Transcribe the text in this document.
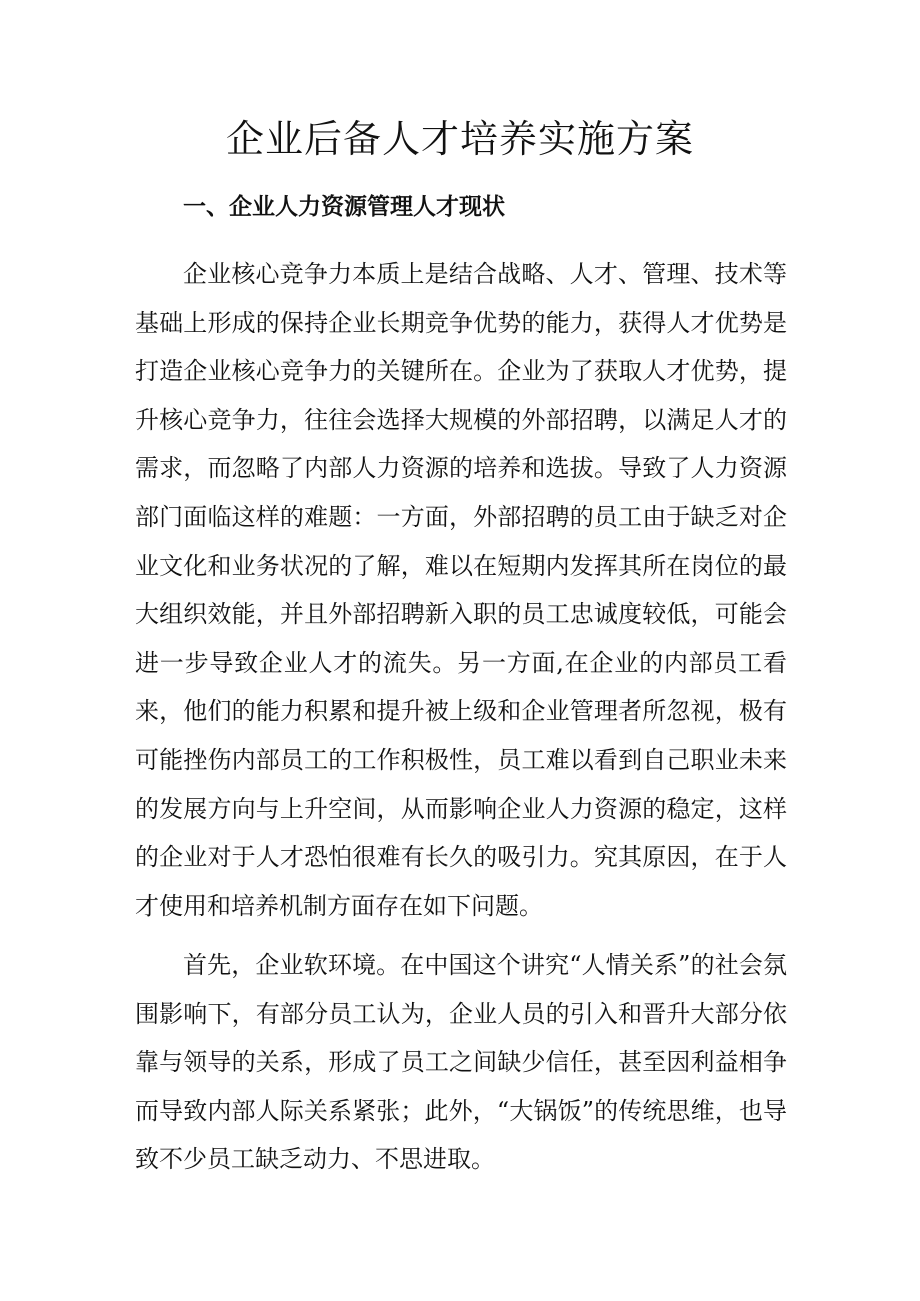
企业后备人才培养实施方案
一、企业人力资源管理人才现状

企业核心竞争力本质上是结合战略、人才、管理、技术等基础上形成的保持企业长期竞争优势的能力，获得人才优势是打造企业核心竞争力的关键所在。企业为了获取人才优势，提升核心竞争力，往往会选择大规模的外部招聘，以满足人才的需求，而忽略了内部人力资源的培养和选拔。导致了人力资源部门面临这样的难题：一方面，外部招聘的员工由于缺乏对企业文化和业务状况的了解，难以在短期内发挥其所在岗位的最大组织效能，并且外部招聘新入职的员工忠诚度较低，可能会进一步导致企业人才的流失。另一方面,在企业的内部员工看来，他们的能力积累和提升被上级和企业管理者所忽视，极有可能挫伤内部员工的工作积极性，员工难以看到自己职业未来的发展方向与上升空间，从而影响企业人力资源的稳定，这样的企业对于人才恐怕很难有长久的吸引力。究其原因，在于人才使用和培养机制方面存在如下问题。

首先，企业软环境。在中国这个讲究“人情关系”的社会氛围影响下，有部分员工认为，企业人员的引入和晋升大部分依靠与领导的关系，形成了员工之间缺少信任，甚至因利益相争而导致内部人际关系紧张；此外，“大锅饭”的传统思维，也导致不少员工缺乏动力、不思进取。
